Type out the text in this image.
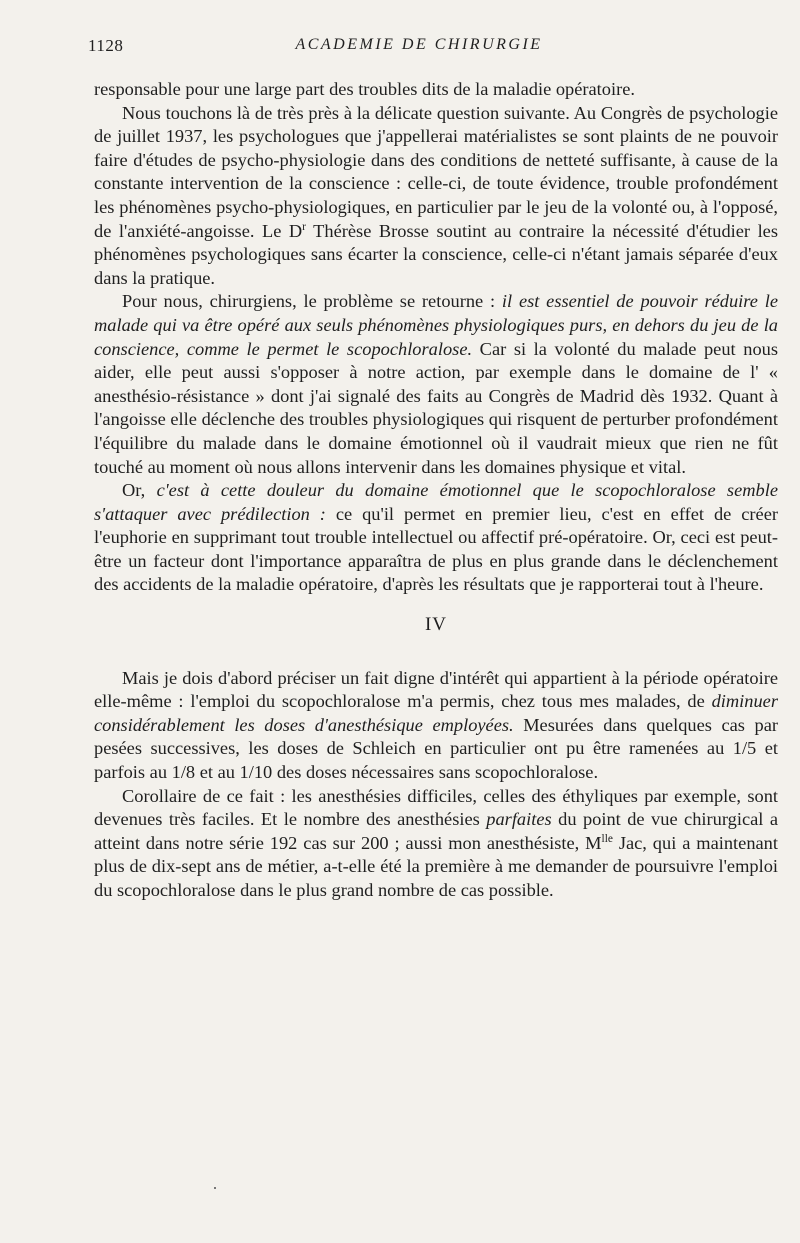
1128	ACADEMIE DE CHIRURGIE

responsable pour une large part des troubles dits de la maladie opératoire.

Nous touchons là de très près à la délicate question suivante. Au Congrès de psychologie de juillet 1937, les psychologues que j'appellerai matérialistes se sont plaints de ne pouvoir faire d'études de psycho-physiologie dans des conditions de netteté suffisante, à cause de la constante intervention de la conscience : celle-ci, de toute évidence, trouble profondément les phénomènes psycho-physiologiques, en particulier par le jeu de la volonté ou, à l'opposé, de l'anxiété-angoisse. Le $D^r$ Thérèse Brosse soutint au contraire la nécessité d'étudier les phénomènes psychologiques sans écarter la conscience, celle-ci n'étant jamais séparée d'eux dans la pratique.

Pour nous, chirurgiens, le problème se retourne : il est essentiel de pouvoir réduire le malade qui va être opéré aux seuls phénomènes physiologiques purs, en dehors du jeu de la conscience, comme le permet le scopochloralose. Car si la volonté du malade peut nous aider, elle peut aussi s'opposer à notre action, par exemple dans le domaine de l' « anesthésio-résistance » dont j'ai signalé des faits au Congrès de Madrid dès 1932. Quant à l'angoisse elle déclenche des troubles physiologiques qui risquent de perturber profondément l'équilibre du malade dans le domaine émotionnel où il vaudrait mieux que rien ne fût touché au moment où nous allons intervenir dans les domaines physique et vital.

Or, c'est à cette douleur du domaine émotionnel que le scopochloralose semble s'attaquer avec prédilection : ce qu'il permet en premier lieu, c'est en effet de créer l'euphorie en supprimant tout trouble intellectuel ou affectif pré-opératoire. Or, ceci est peut-être un facteur dont l'importance apparaîtra de plus en plus grande dans le déclenchement des accidents de la maladie opératoire, d'après les résultats que je rapporterai tout à l'heure.

IV

Mais je dois d'abord préciser un fait digne d'intérêt qui appartient à la période opératoire elle-même : l'emploi du scopochloralose m'a permis, chez tous mes malades, de diminuer considérablement les doses d'anesthésique employées. Mesurées dans quelques cas par pesées successives, les doses de Schleich en particulier ont pu être ramenées au 1/5 et parfois au 1/8 et au 1/10 des doses nécessaires sans scopochloralose.

Corollaire de ce fait : les anesthésies difficiles, celles des éthyliques par exemple, sont devenues très faciles. Et le nombre des anesthésies parfaites du point de vue chirurgical a atteint dans notre série 192 cas sur 200 ; aussi mon anesthésiste, $M^{lle}$ Jac, qui a maintenant plus de dix-sept ans de métier, a-t-elle été la première à me demander de poursuivre l'emploi du scopochloralose dans le plus grand nombre de cas possible.
